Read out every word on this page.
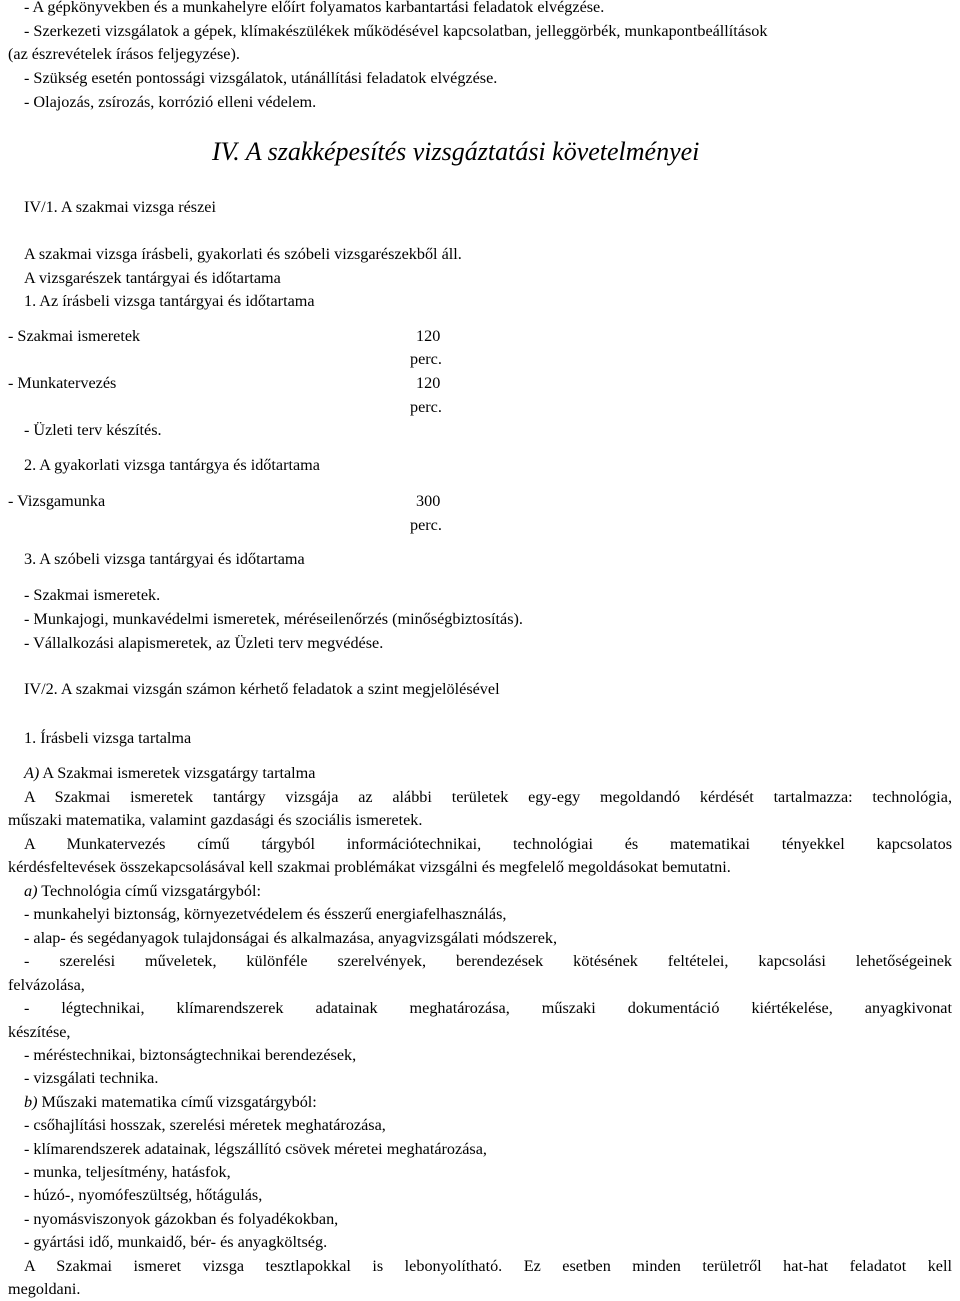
- A gépkönyvekben és a munkahelyre előírt folyamatos karbantartási feladatok elvégzése.
- Szerkezeti vizsgálatok a gépek, klímakészülékek működésével kapcsolatban, jelleggörbék, munkapontbeállítások
(az észrevételek írásos feljegyzése).
- Szükség esetén pontossági vizsgálatok, utánállítási feladatok elvégzése.
- Olajozás, zsírozás, korrózió elleni védelem.
IV. A szakképesítés vizsgáztatási követelményei
IV/1. A szakmai vizsga részei
A szakmai vizsga írásbeli, gyakorlati és szóbeli vizsgarészekből áll.
A vizsgarészek tantárgyai és időtartama
1. Az írásbeli vizsga tantárgyai és időtartama
- Szakmai ismeretek	120
perc.
- Munkatervezés	120
perc.
- Üzleti terv készítés.
2. A gyakorlati vizsga tantárgya és időtartama
- Vizsgamunka	300
perc.
3. A szóbeli vizsga tantárgyai és időtartama
- Szakmai ismeretek.
- Munkajogi, munkavédelmi ismeretek, méréseilenőrzés (minőségbiztosítás).
- Vállalkozási alapismeretek, az Üzleti terv megvédése.
IV/2. A szakmai vizsgán számon kérhető feladatok a szint megjelölésével
1. Írásbeli vizsga tartalma
A) A Szakmai ismeretek vizsgatárgy tartalma
A Szakmai ismeretek tantárgy vizsgája az alábbi területek egy-egy megoldandó kérdését tartalmazza: technológia,
műszaki matematika, valamint gazdasági és szociális ismeretek.
A Munkatervezés című tárgyból információtechnikai, technológiai és matematikai tényekkel kapcsolatos
kérdésfeltevések összekapcsolásával kell szakmai problémákat vizsgálni és megfelelő megoldásokat bemutatni.
a) Technológia című vizsgatárgyból:
- munkahelyi biztonság, környezetvédelem és ésszerű energiafelhasználás,
- alap- és segédanyagok tulajdonságai és alkalmazása, anyagvizsgálati módszerek,
- szerelési műveletek, különféle szerelvények, berendezések kötésének feltételei, kapcsolási lehetőségeinek
felvázolása,
- légtechnikai, klímarendszerek adatainak meghatározása, műszaki dokumentáció kiértékelése, anyagkivonat
készítése,
- méréstechnikai, biztonságtechnikai berendezések,
- vizsgálati technika.
b) Műszaki matematika című vizsgatárgyból:
- csőhajlítási hosszak, szerelési méretek meghatározása,
- klímarendszerek adatainak, légszállító csövek méretei meghatározása,
- munka, teljesítmény, hatásfok,
- húzó-, nyomófeszültség, hőtágulás,
- nyomásviszonyok gázokban és folyadékokban,
- gyártási idő, munkaidő, bér- és anyagköltség.
A Szakmai ismeret vizsga tesztlapokkal is lebonyolítható. Ez esetben minden területről hat-hat feladatot kell
megoldani.
